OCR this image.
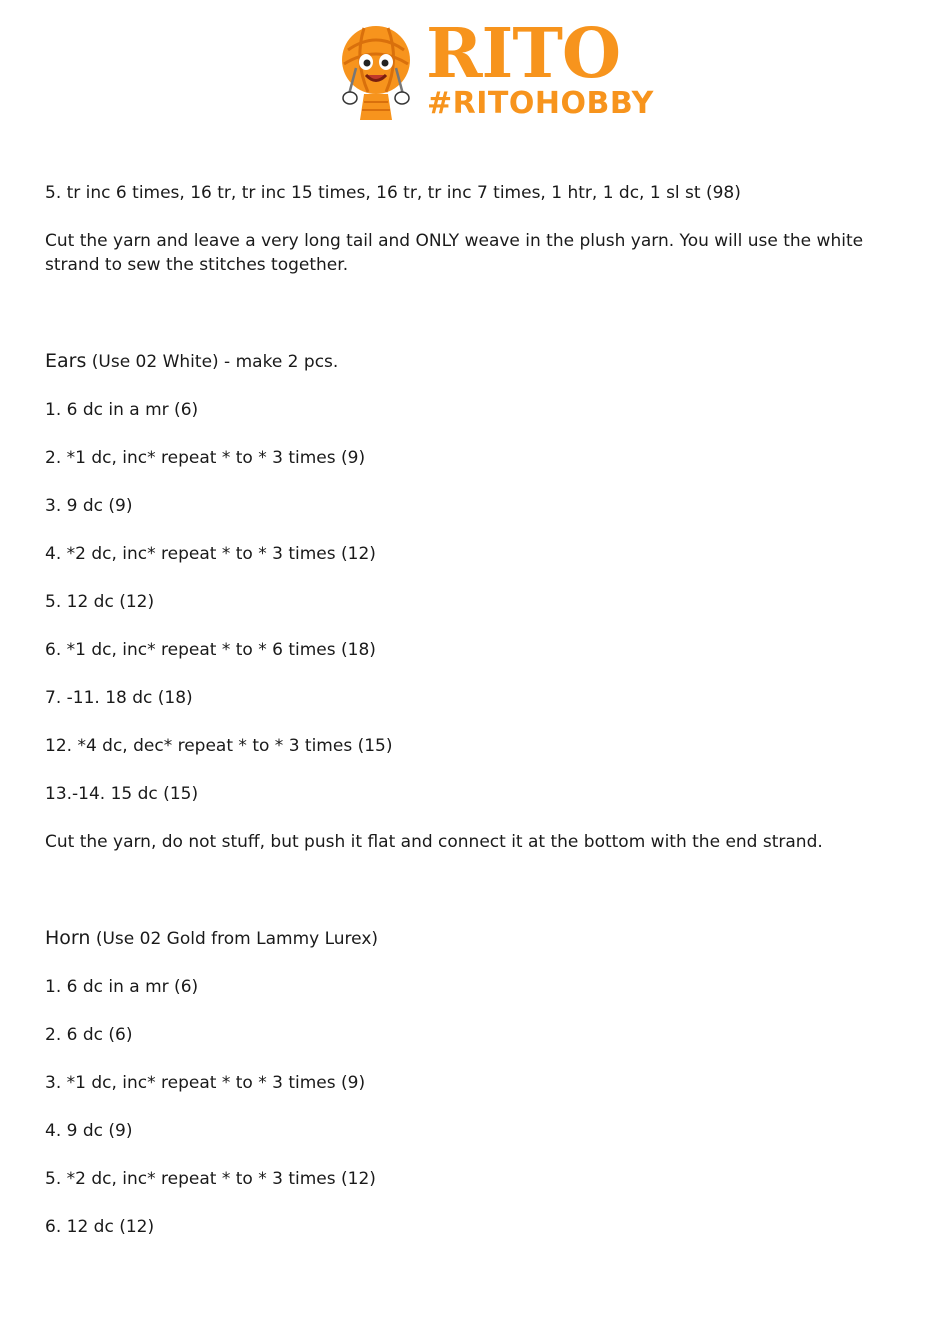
RITO
#RITOHOBBY

5. tr inc 6 times, 16 tr, tr inc 15 times, 16 tr, tr inc 7 times, 1 htr, 1 dc, 1 sl st (98)

Cut the yarn and leave a very long tail and ONLY weave in the plush yarn. You will use the white strand to sew the stitches together.

Ears (Use 02 White) - make 2 pcs.

1. 6 dc in a mr (6)

2. *1 dc, inc* repeat * to * 3 times (9)

3. 9 dc (9)

4. *2 dc, inc* repeat * to * 3 times (12)

5. 12 dc (12)

6. *1 dc, inc* repeat * to * 6 times (18)

7. -11. 18 dc (18)

12. *4 dc, dec* repeat * to * 3 times (15)

13.-14. 15 dc (15)

Cut the yarn, do not stuff, but push it flat and connect it at the bottom with the end strand.

Horn (Use 02 Gold from Lammy Lurex)

1. 6 dc in a mr (6)

2. 6 dc (6)

3. *1 dc, inc* repeat * to * 3 times (9)

4. 9 dc (9)

5. *2 dc, inc* repeat * to * 3 times (12)

6. 12 dc (12)
